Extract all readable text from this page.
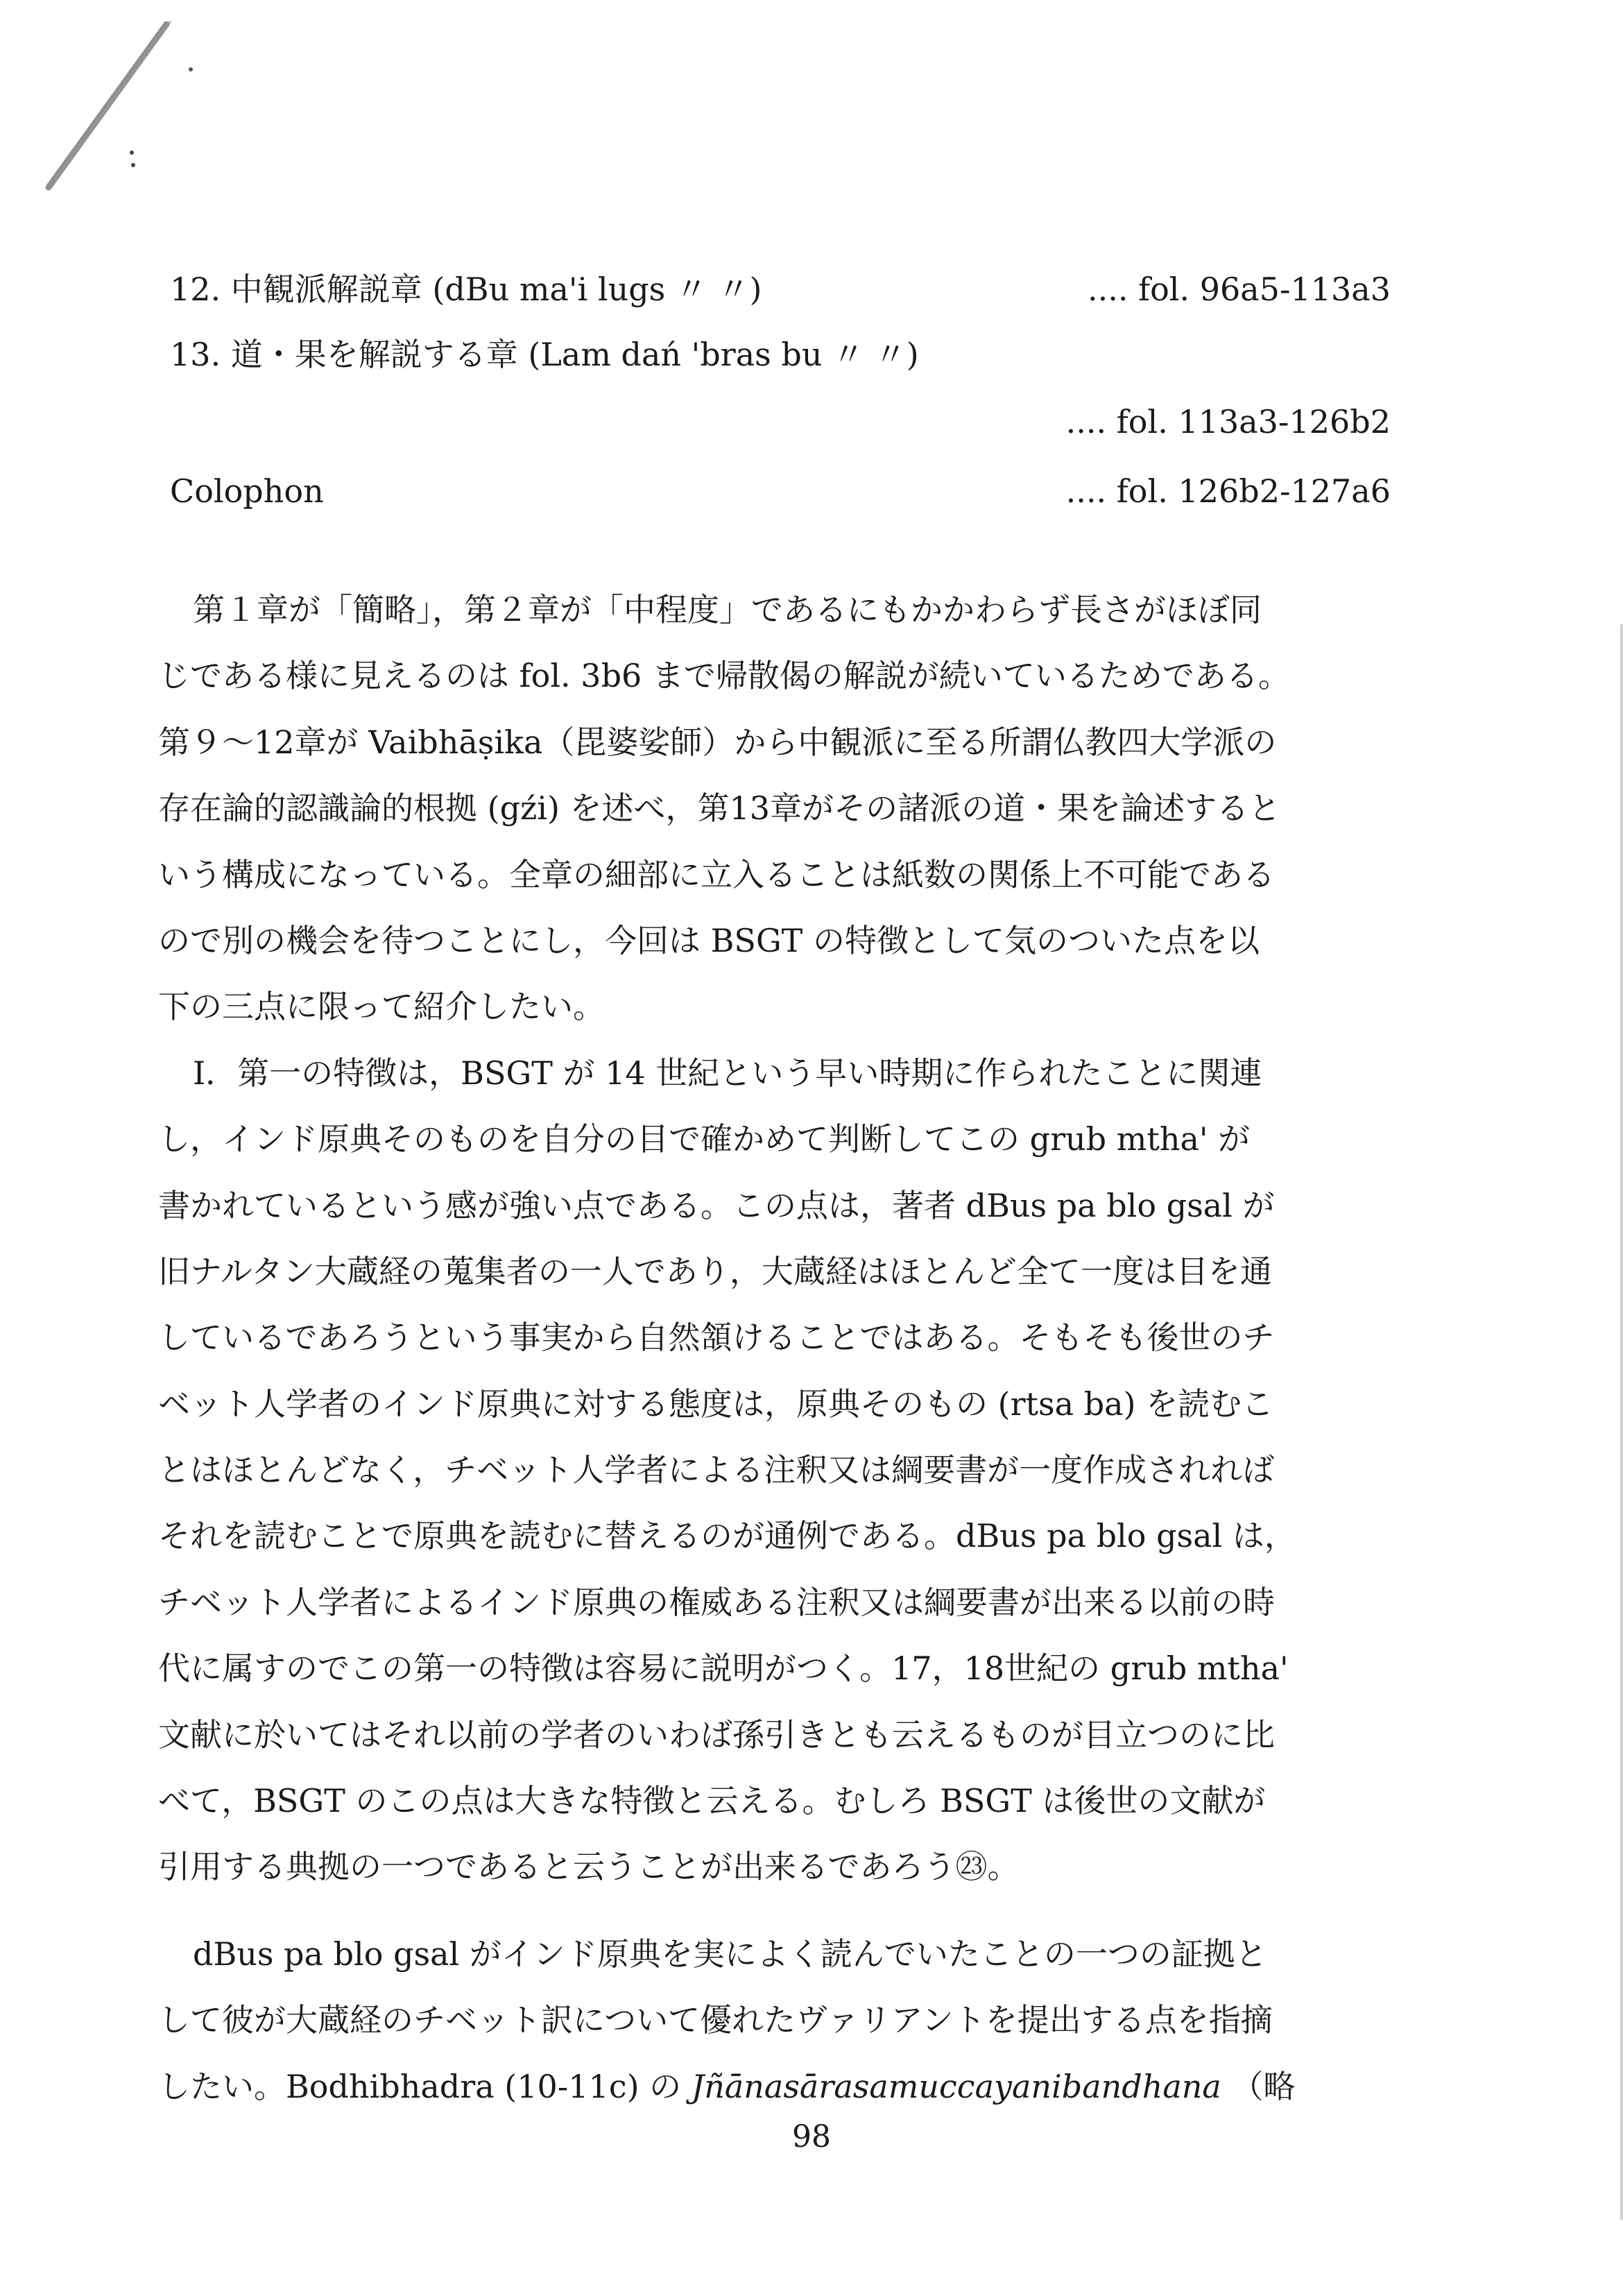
12. 中観派解説章 (dBu ma'i lugs 〃 〃)	.... fol. 96a5-113a3
13. 道・果を解説する章 (Lam dań 'bras bu 〃 〃)
.... fol. 113a3-126b2
Colophon	.... fol. 126b2-127a6
第１章が「簡略」，第２章が「中程度」であるにもかかわらず長さがほぼ同
じである様に見えるのは fol. 3b6 まで帰散偈の解説が続いているためである。
第９～12章が Vaibhāṣika（毘婆娑師）から中観派に至る所謂仏教四大学派の
存在論的認識論的根拠 (gźi) を述べ，第13章がその諸派の道・果を論述すると
いう構成になっている。全章の細部に立入ることは紙数の関係上不可能である
ので別の機会を待つことにし，今回は BSGT の特徴として気のついた点を以
下の三点に限って紹介したい。
Ⅰ．第一の特徴は，BSGT が 14 世紀という早い時期に作られたことに関連
し，インド原典そのものを自分の目で確かめて判断してこの grub mtha' が
書かれているという感が強い点である。この点は，著者 dBus pa blo gsal が
旧ナルタン大蔵経の蒐集者の一人であり，大蔵経はほとんど全て一度は目を通
しているであろうという事実から自然頷けることではある。そもそも後世のチ
ベット人学者のインド原典に対する態度は，原典そのもの (rtsa ba) を読むこ
とはほとんどなく，チベット人学者による注釈又は綱要書が一度作成されれば
それを読むことで原典を読むに替えるのが通例である。dBus pa blo gsal は，
チベット人学者によるインド原典の権威ある注釈又は綱要書が出来る以前の時
代に属すのでこの第一の特徴は容易に説明がつく。17，18世紀の grub mtha'
文献に於いてはそれ以前の学者のいわば孫引きとも云えるものが目立つのに比
べて，BSGT のこの点は大きな特徴と云える。むしろ BSGT は後世の文献が
引用する典拠の一つであると云うことが出来るであろう㉓。
dBus pa blo gsal がインド原典を実によく読んでいたことの一つの証拠と
して彼が大蔵経のチベット訳について優れたヴァリアントを提出する点を指摘
したい。Bodhibhadra (10-11c) の Jñānasārasamuccayanibandhana （略
98
